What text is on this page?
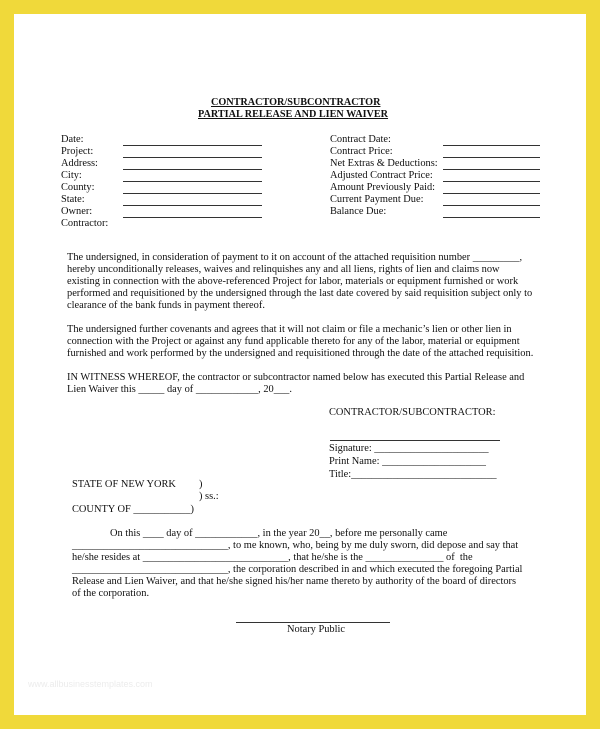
CONTRACTOR/SUBCONTRACTOR
PARTIAL RELEASE AND LIEN WAIVER
Date:
Project:
Address:
City:
County:
State:
Owner:
Contractor:
Contract Date:
Contract Price:
Net Extras & Deductions:
Adjusted Contract Price:
Amount Previously Paid:
Current Payment Due:
Balance Due:
The undersigned, in consideration of payment to it on account of the attached requisition number _________,
hereby unconditionally releases, waives and relinquishes any and all liens, rights of lien and claims now
existing in connection with the above-referenced Project for labor, materials or equipment furnished or work
performed and requisitioned by the undersigned through the last date covered by said requisition subject only to
clearance of the bank funds in payment thereof.
The undersigned further covenants and agrees that it will not claim or file a mechanic’s lien or other lien in
connection with the Project or against any fund applicable thereto for any of the labor, material or equipment
furnished and work performed by the undersigned and requisitioned through the date of the attached requisition.
IN WITNESS WHEREOF, the contractor or subcontractor named below has executed this Partial Release and
Lien Waiver this _____ day of ____________, 20___.
CONTRACTOR/SUBCONTRACTOR:
Signature: ______________________
Print Name: ____________________
Title:____________________________
STATE OF NEW YORK )
) ss.:
COUNTY OF ___________)
On this ____ day of ____________, in the year 20__, before me personally came
______________________________, to me known, who, being by me duly sworn, did depose and say that
he/she resides at ____________________________, that he/she is the _______________ of  the
______________________________, the corporation described in and which executed the foregoing Partial
Release and Lien Waiver, and that he/she signed his/her name thereto by authority of the board of directors
of the corporation.
Notary Public
www.allbusinesstemplates.com
